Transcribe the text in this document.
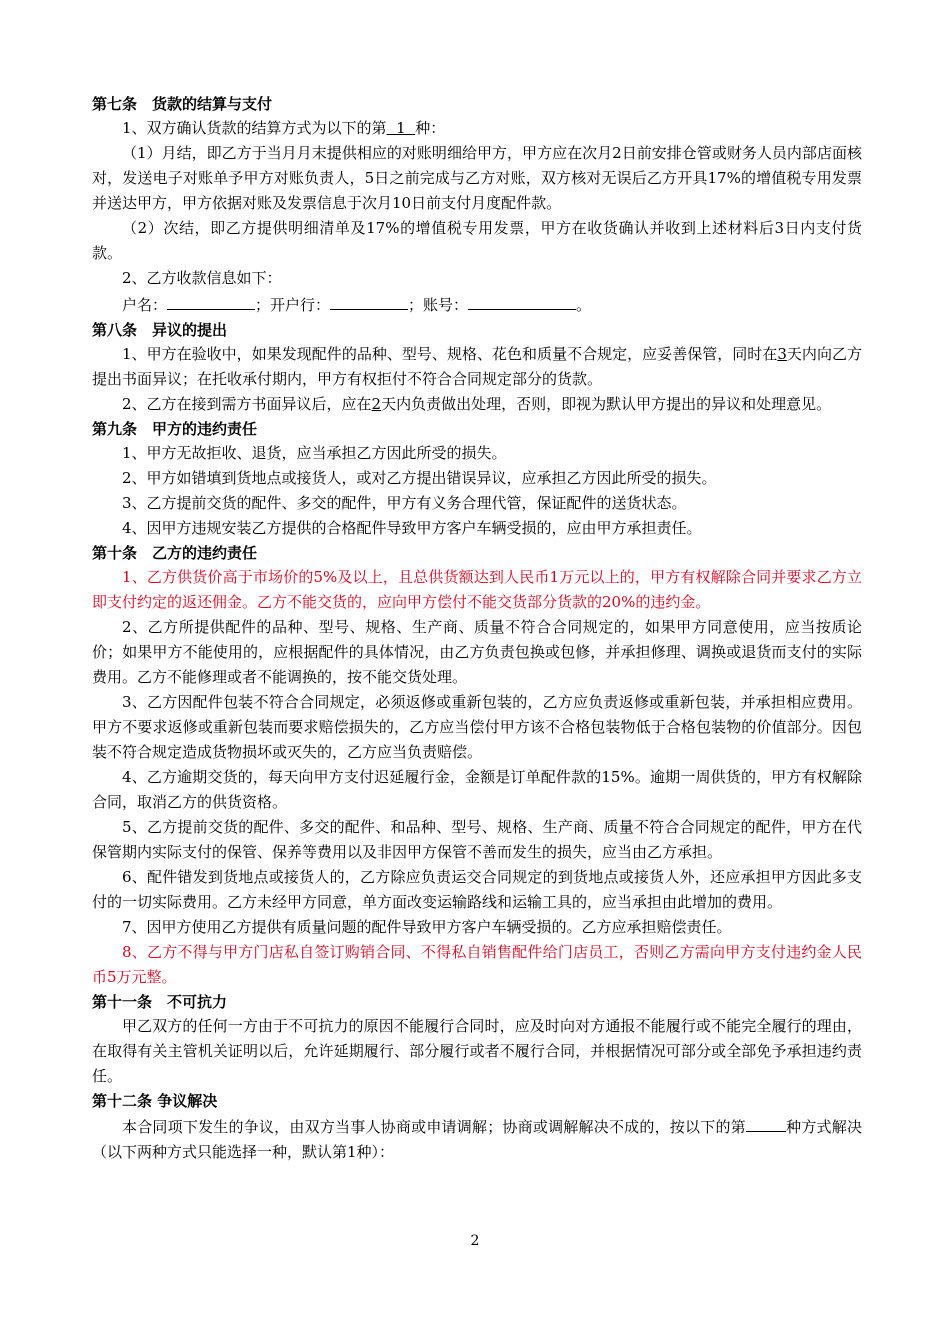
第七条　货款的结算与支付
1、双方确认货款的结算方式为以下的第 1 种：
（1）月结，即乙方于当月月末提供相应的对账明细给甲方，甲方应在次月2日前安排仓管或财务人员内部店面核对，发送电子对账单予甲方对账负责人，5日之前完成与乙方对账，双方核对无误后乙方开具17%的增值税专用发票并送达甲方，甲方依据对账及发票信息于次月10日前支付月度配件款。
（2）次结，即乙方提供明细清单及17%的增值税专用发票，甲方在收货确认并收到上述材料后3日内支付货款。
2、乙方收款信息如下：
户名：	；开户行：	；账号：	。
第八条　异议的提出
1、甲方在验收中，如果发现配件的品种、型号、规格、花色和质量不合规定，应妥善保管，同时在3天内向乙方提出书面异议；在托收承付期内，甲方有权拒付不符合合同规定部分的货款。
2、乙方在接到需方书面异议后，应在2天内负责做出处理，否则，即视为默认甲方提出的异议和处理意见。
第九条　甲方的违约责任
1、甲方无故拒收、退货，应当承担乙方因此所受的损失。
2、甲方如错填到货地点或接货人，或对乙方提出错误异议，应承担乙方因此所受的损失。
3、乙方提前交货的配件、多交的配件，甲方有义务合理代管，保证配件的送货状态。
4、因甲方违规安装乙方提供的合格配件导致甲方客户车辆受损的，应由甲方承担责任。
第十条　乙方的违约责任
1、乙方供货价高于市场价的5%及以上，且总供货额达到人民币1万元以上的，甲方有权解除合同并要求乙方立即支付约定的返还佣金。乙方不能交货的，应向甲方偿付不能交货部分货款的20%的违约金。
2、乙方所提供配件的品种、型号、规格、生产商、质量不符合合同规定的，如果甲方同意使用，应当按质论价；如果甲方不能使用的，应根据配件的具体情况，由乙方负责包换或包修，并承担修理、调换或退货而支付的实际费用。乙方不能修理或者不能调换的，按不能交货处理。
3、乙方因配件包装不符合合同规定，必须返修或重新包装的，乙方应负责返修或重新包装，并承担相应费用。甲方不要求返修或重新包装而要求赔偿损失的，乙方应当偿付甲方该不合格包装物低于合格包装物的价值部分。因包装不符合规定造成货物损坏或灭失的，乙方应当负责赔偿。
4、乙方逾期交货的，每天向甲方支付迟延履行金，金额是订单配件款的15%。逾期一周供货的，甲方有权解除合同，取消乙方的供货资格。
5、乙方提前交货的配件、多交的配件、和品种、型号、规格、生产商、质量不符合合同规定的配件，甲方在代保管期内实际支付的保管、保养等费用以及非因甲方保管不善而发生的损失，应当由乙方承担。
6、配件错发到货地点或接货人的，乙方除应负责运交合同规定的到货地点或接货人外，还应承担甲方因此多支付的一切实际费用。乙方未经甲方同意，单方面改变运输路线和运输工具的，应当承担由此增加的费用。
7、因甲方使用乙方提供有质量问题的配件导致甲方客户车辆受损的。乙方应承担赔偿责任。
8、乙方不得与甲方门店私自签订购销合同、不得私自销售配件给门店员工，否则乙方需向甲方支付违约金人民币5万元整。
第十一条　不可抗力
甲乙双方的任何一方由于不可抗力的原因不能履行合同时，应及时向对方通报不能履行或不能完全履行的理由，在取得有关主管机关证明以后，允许延期履行、部分履行或者不履行合同，并根据情况可部分或全部免予承担违约责任。
第十二条 争议解决
本合同项下发生的争议，由双方当事人协商或申请调解；协商或调解解决不成的，按以下的第	种方式解决（以下两种方式只能选择一种，默认第1种）：
2
